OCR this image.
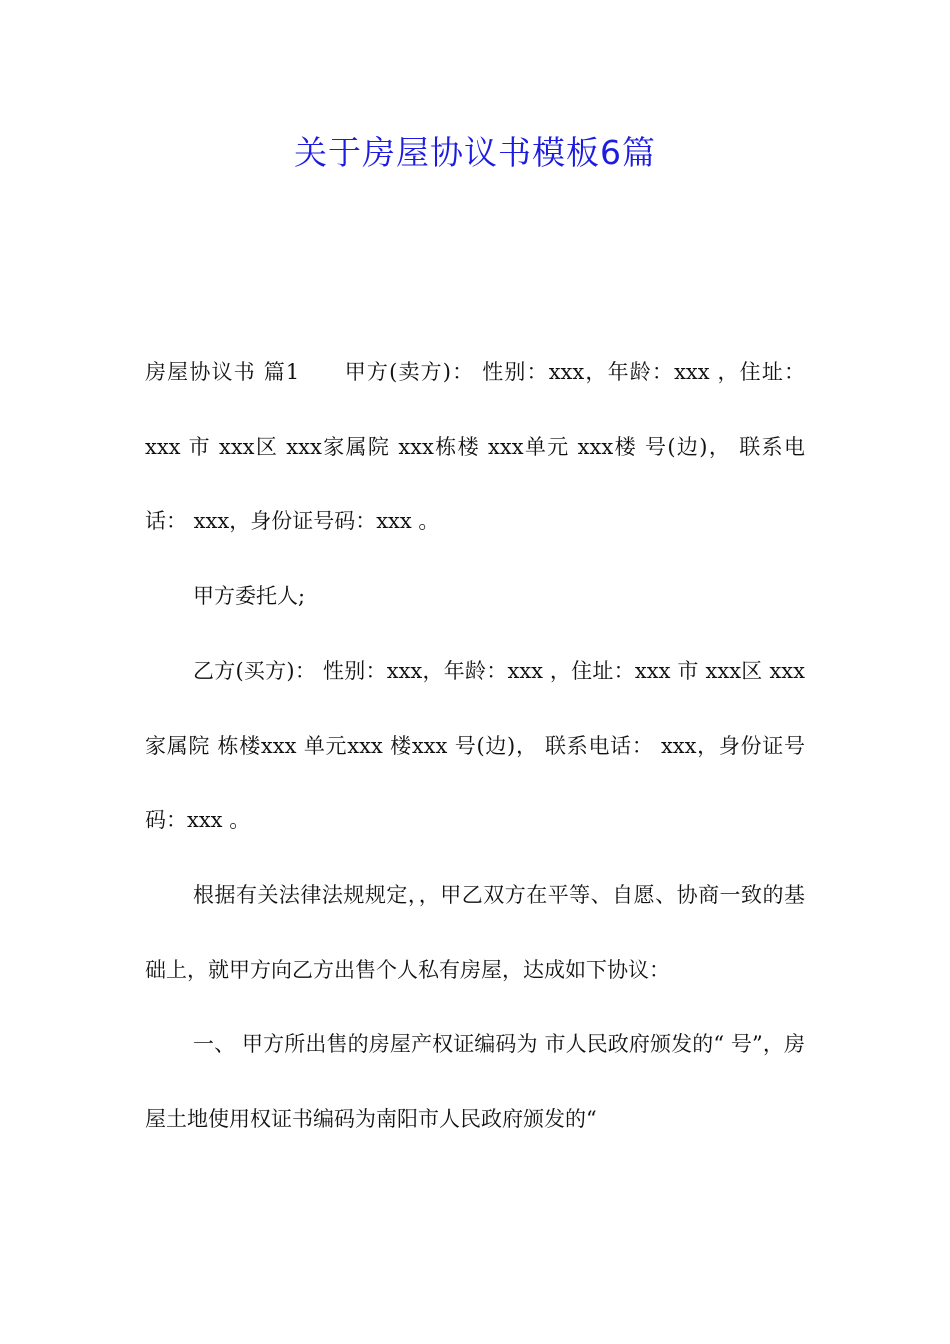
关于房屋协议书模板6篇

房屋协议书 篇1　　甲方(卖方)： 性别：xxx，年龄：xxx ，住址：xxx 市 xxx区 xxx家属院 xxx栋楼 xxx单元 xxx楼 号(边)， 联系电话： xxx，身份证号码：xxx 。

甲方委托人;

乙方(买方)： 性别：xxx，年龄：xxx ，住址：xxx 市 xxx区 xxx家属院 栋楼xxx 单元xxx 楼xxx 号(边)， 联系电话： xxx，身份证号码：xxx 。

根据有关法律法规规定，，甲乙双方在平等、自愿、协商一致的基础上，就甲方向乙方出售个人私有房屋，达成如下协议：

一、 甲方所出售的房屋产权证编码为 市人民政府颁发的“ 号”，房屋土地使用权证书编码为南阳市人民政府颁发的“
